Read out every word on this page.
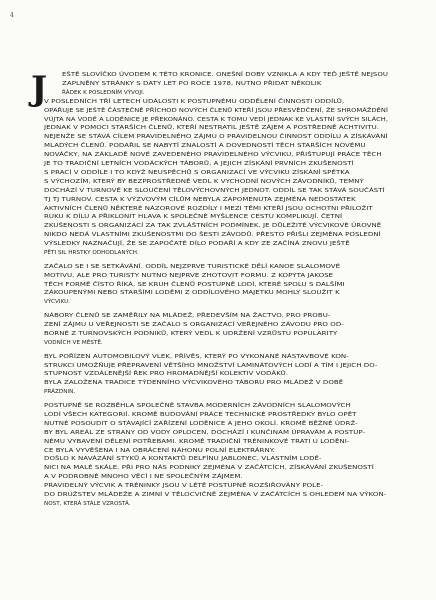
4
J	EŠTĚ SLOVÍČKO ÚVODEM K TÉTO KRONICE. ONEŠNÍ DOBY VZNIKLA A KDY TEĎ JEŠTĚ NEJSOU
ZAPLNĚNY STRÁNKY S DATY LET PO ROCE 1978, NUTNO PŘIDAT NĚKOLIK
ŘÁDEK K POSLEDNÍM VÝVOJI.
V POSLEDNÍCH TŘÍ LETECH UDÁLOSTI K POSTUPNÉMU ODDĚLENÍ ČINNOSTI ODDÍLŮ,
OPAŘUJE SE JEŠTĚ ČÁSTEČNĚ PŘÍCHOD NOVÝCH ČLENŮ KTEŘÍ JSOU PŘESVĚDČENÍ, ŽE SHROMÁŽDĚNÍ
VÚJTA NA VODĚ A LODĚNICE JE PŘEKONÁNO. CESTA K TOMU VEDÍ JEDNAK KE VLASTNÍ SVÝCH SILÁCH,
JEDNAK V POMOCI STARŠÍCH ČLENŮ, KTEŘÍ NESTRATIL JEŠTĚ ZÁJEM A POSTŘEDNĚ ACHTIVITU.
NEJENŽE SE STÁVÁ CÍLEM PRAVIDELNÉHO ZÁJMU O PRAVIDELNOU ČINNOST ODDÍLU A ZÍSKÁVÁNÍ
MLADÝCH ČLENŮ. PODAŘIL SE NABYTÍ ZNALOSTÍ A DOVEDNOSTÍ TĚCH STARŠÍCH NOVÉMU
NOVÁČKY, NA ZÁKLADĚ NOVÉ ZAVEDENÉHO PRAVIDELNÉHO VÝCVIKU, PŘIŠTUPUJÍ PRÁCE TĚCH
JE TO TRADIČNÍ LETNÍCH VODÁCKÝCH TÁBORŮ, A JEJICH ZÍSKÁNÍ PRVNÍCH ZKUŠENOSTÍ
S PRACÍ V ODDÍLE I TO KDYŽ NEUSPĚCHŮ S ORGANIZACÍ VE VÝCVIKU ZÍSKÁNÍ SPĚTKA
S VÝCHOZÍM, KTERÝ BY BEZPROSTŘEDNĚ VEDL K VYCHODNÍ NOVÝCH ZÁVODNÍKŮ, TEMNÝ
DOCHÁZÍ V TURNOVĚ KE SLOUČENÍ TĚLOVÝCHOVNÝCH JEDNOT. ODDÍL SE TAK STÁVÁ SOUČÁSTÍ
TJ TJ TURNOV. CESTA K VÝZVOVÝM CÍLŮM NEBYLA ZAPOMENUTA ZEJMÉNA NEDOSTATEK
AKTIVNÍCH ČLENŮ NĚKTERÉ NÁZOROVÉ ROZDÍLY I MEZI TĚMI KTEŘÍ JSOU OCHOTNI PŘILOŽIT
RUKU K DÍLU A PŘIKLONIT HLAVA K SPOLEČNÉ MYŠLENCE CESTU KOMPLIKUJÍ. ČETNÍ
ZKUŠENOSTI S ORGANIZACÍ ZA TAK ZVLÁŠTNÍCH PODMÍNEK, JE DŮLEŽITÉ VÝCVIKOVÉ ÚROVNĚ
NIKDO NEDÁ VLASTNÍMI ZKUŠENOSTMI DO ŠESTI ZÁVODŮ. PŘESTO PŘIŠLI ZEJMÉNA POSLEDNÍ
VÝSLEDKY NAZNAČUJÍ, ŽE SE ZAPOČATÉ DÍLO PODAŘÍ A KDY ZE ZAČÍNÁ ZNOVU JEŠTĚ
PĚTI SIL HRSTKY ODHODLANÝCH.
ZAČALO SE I SE SETKÁVÁNÍ. ODDÍL NEJZPRVE TURISTICKÉ DĚLÍ KANOE SLALOMOVÉ
MOTIVU, ALE PRO TURISTY NUTNO NEJPRVE ZHOTOVIT FORMU. Z KOPYTA JAKOSE
TĚCH FORMĚ ČÍSTO ŘÍKÁ, SE KRUH ČLENŮ POSTUPNĚ LODÍ, KTERÉ SPOLU S DALŠÍMI
ZÁKOUPENÝMI NEBO STARŠÍMI LODĚMI Z ODDÍLOVÉHO MAJETKU MOHLY SLOUŽIT K
VÝCVIKU.
NÁBORY ČLENŮ SE ZAMĚŘILY NA MLÁDEŽ, PŘEDEVŠÍM NA ŽACTVO. PRO PROBU-
ZENÍ ZÁJMU U VEŘEJNOSTI SE ZAČALO S ORGANIZACÍ VEŘEJNÉHO ZÁVODU PRO OD-
BORNÉ Z TURNOVSKÝCH PODNIKŮ, KTERÝ VEDL K UDRŽENÍ VZRŮSTU POPULARITY
VODNÍCH VE MĚSTĚ.
BYL POŘÍZEN AUTOMOBILOVÝ VLEK, PŘÍVĚS, KTERÝ PO VYKONANÉ NÁSTAVBOVÉ KON-
STRUKCI UMOŽŇUJE PŘEPRAVENÍ VĚTŠÍHO MNOŽSTVÍ LAMINÁTOVÝCH LODÍ A TÍM I JEJICH DO-
STUPNOST VZDÁLENĚJŠÍ ŘEK PRO HROMADNĚJŠÍ KOLEKTIV VODÁKŮ.
BYLA ZALOŽENA TRADICE TÝDENNÍHO VÝCVIKOVÉHO TÁBORU PRO MLÁDEŽ V DOBĚ
PRÁZDNIN.
POSTUPNĚ SE ROZBĚHLA SPOLEČNĚ STAVBA MODERNÍCH ZÁVODNÍCH SLALOMOVÝCH
LODÍ VŠECH KATEGORIÍ. KROMĚ BUDOVÁNÍ PRÁCE TECHNICKÉ PROSTŘEDKY BYLO OPĚT
NUTNÉ POSOUDIT O STÁVAJÍCÍ ZAŘÍZENÍ LODĚNICE A JEHO OKOLÍ. KROMĚ BĚŽNÉ ÚDRŽ-
BY BYL AREÁL ZE STRANY OD VODY OPLOCEN, DOCHÁZÍ I KUNČINAM ÚPRAVÁM A POSTUP-
NÉMU VYBAVENÍ DĚLENÍ POTŘEBAMI. KROMĚ TRADIČNÍ TRÉNINKOVÉ TRATI U LODĚNI-
CE BYLA VYVĚŠENA I NA OBRÁCENÍ NÁHONU POLNÍ ELEKTRÁRNY.
DOŠLO K NAVÁZÁNÍ STYKŮ A KONTAKTŮ DELFÍNU JABLONEC, VLASTNÍM LODĚ-
NICI NA MALÉ SKÁLE. PŘI PRO NÁS PODNIKY ZEJMÉNA V ZAČÁTCÍCH, ZÍSKÁVÁNÍ ZKUŠENOSTÍ
A V PODROBNÉ MNOHO VĚCÍ I NE SPOLEČNÝM ZÁJMEM.
PRAVIDELNÝ VÝCVIK A TRÉNINKY JSOU V LÉTĚ POSTUPNĚ ROZŠIŘOVÁNY POLE-
DO DRUŽSTEV MLÁDEŽE A ZIMNÍ V TĚLOCVIČNĚ ZEJMÉNA V ZAČÁTCÍCH S OHLEDEM NA VÝKON-
NOST, KTERÁ STÁLE VZROSTÁ.
